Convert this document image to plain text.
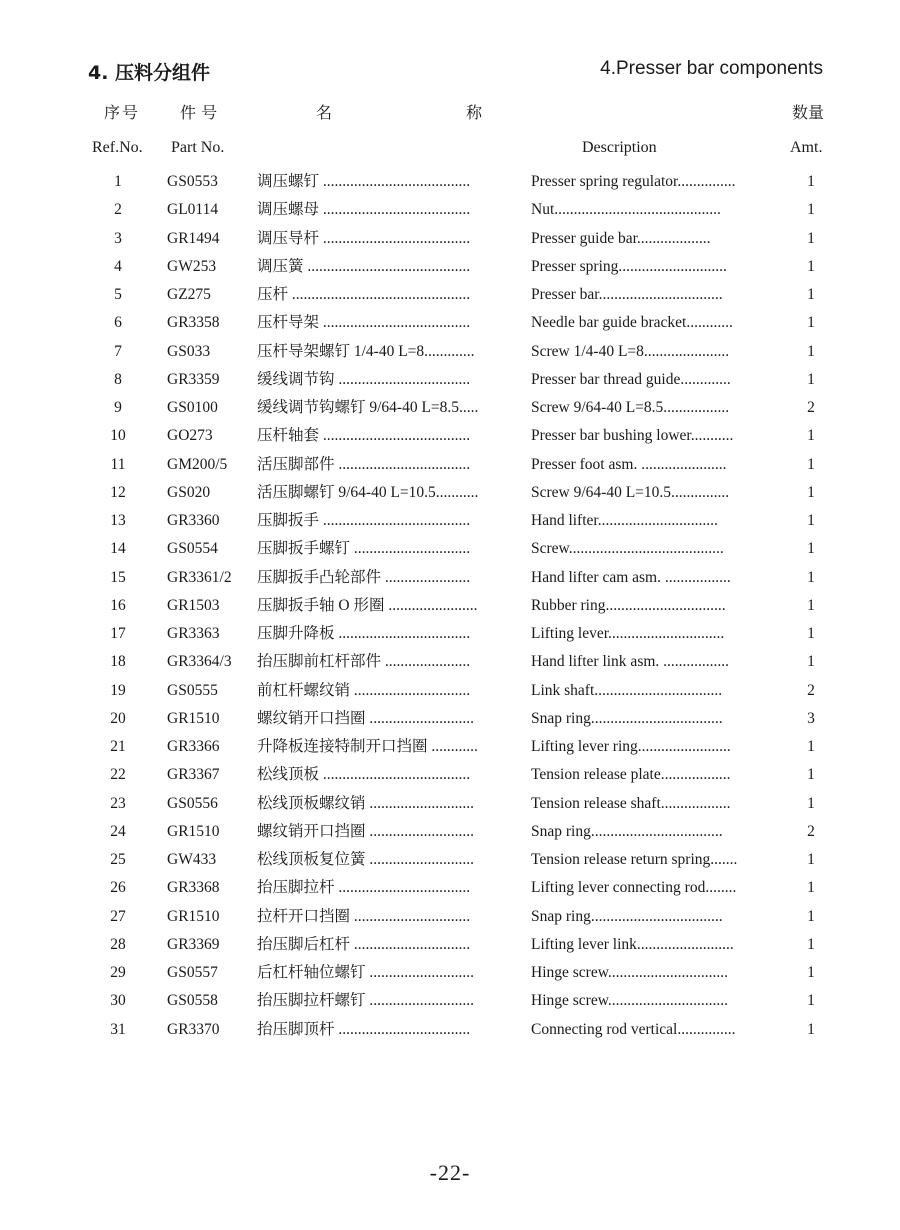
4. 压料分组件	4.Presser bar components
序号 件 号	名	称	数量
Ref.No. Part No.	Description	Amt.
1	GS0553	调压螺钉 ......................................	Presser spring regulator...............	1
2	GL0114	调压螺母 ......................................	Nut...........................................	1
3	GR1494 调压导杆 ......................................	Presser guide bar...................	1
4	GW253	调压簧 ..........................................	Presser spring............................	1
5	GZ275	压杆 ..............................................	Presser bar................................	1
6	GR3358 压杆导架 ......................................	Needle bar guide bracket............	1
7	GS033	压杆导架螺钉 1/4-40 L=8.............	Screw 1/4-40 L=8......................	1
8	GR3359 缓线调节钩 ..................................	Presser bar thread guide.............	1
9	GS0100	缓线调节钩螺钉 9/64-40 L=8.5.....	Screw 9/64-40 L=8.5.................	2
10	GO273	压杆轴套 ......................................	Presser bar bushing lower...........	1
11	GM200/5 活压脚部件 ..................................	Presser foot asm. ......................	1
12	GS020	活压脚螺钉 9/64-40 L=10.5...........	Screw 9/64-40 L=10.5...............	1
13	GR3360 压脚扳手 ......................................	Hand lifter...............................	1
14	GS0554	压脚扳手螺钉 ..............................	Screw........................................	1
15	GR3361/2 压脚扳手凸轮部件 ......................	Hand lifter cam asm. .................	1
16	GR1503 压脚扳手轴 O 形圈 .......................	Rubber ring...............................	1
17	GR3363 压脚升降板 ..................................	Lifting lever..............................	1
18	GR3364/3 抬压脚前杠杆部件 ......................	Hand lifter link asm. .................	1
19	GS0555	前杠杆螺纹销 ..............................	Link shaft.................................	2
20	GR1510 螺纹销开口挡圈 ...........................	Snap ring..................................	3
21	GR3366 升降板连接特制开口挡圈 ............	Lifting lever ring........................	1
22	GR3367 松线顶板 ......................................	Tension release plate..................	1
23	GS0556	松线顶板螺纹销 ...........................	Tension release shaft..................	1
24	GR1510 螺纹销开口挡圈 ...........................	Snap ring..................................	2
25	GW433	松线顶板复位簧 ...........................	Tension release return spring.......	1
26	GR3368 抬压脚拉杆 ..................................	Lifting lever connecting rod........	1
27	GR1510 拉杆开口挡圈 ..............................	Snap ring..................................	1
28	GR3369 抬压脚后杠杆 ..............................	Lifting lever link.........................	1
29	GS0557	后杠杆轴位螺钉 ...........................	Hinge screw...............................	1
30	GS0558	抬压脚拉杆螺钉 ...........................	Hinge screw...............................	1
31	GR3370 抬压脚顶杆 ..................................	Connecting rod vertical...............	1
-22-
